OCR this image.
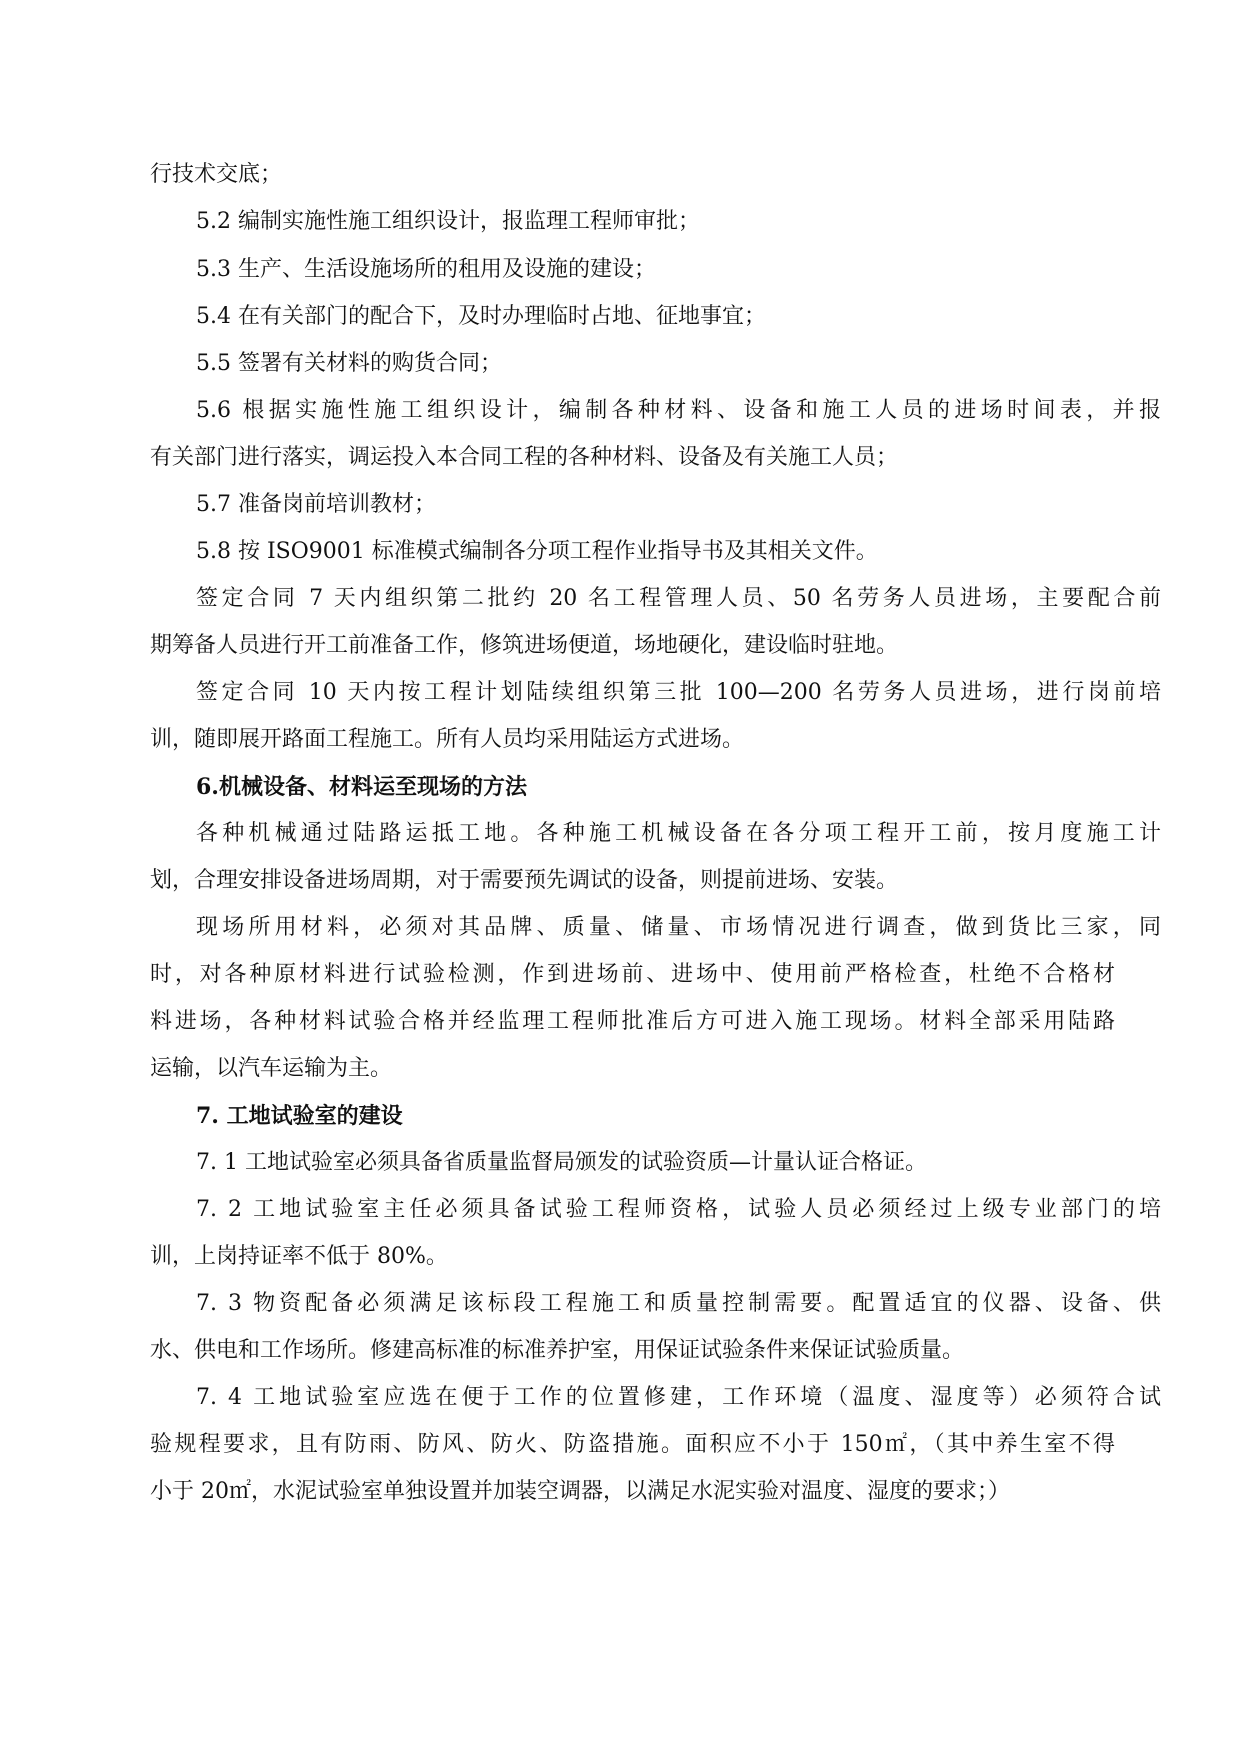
行技术交底；
5.2 编制实施性施工组织设计，报监理工程师审批；
5.3 生产、生活设施场所的租用及设施的建设；
5.4 在有关部门的配合下，及时办理临时占地、征地事宜；
5.5 签署有关材料的购货合同；
5.6 根据实施性施工组织设计，编制各种材料、设备和施工人员的进场时间表，并报
有关部门进行落实，调运投入本合同工程的各种材料、设备及有关施工人员；
5.7 准备岗前培训教材；
5.8 按 ISO9001 标准模式编制各分项工程作业指导书及其相关文件。
签定合同 7 天内组织第二批约 20 名工程管理人员、50 名劳务人员进场，主要配合前
期筹备人员进行开工前准备工作，修筑进场便道，场地硬化，建设临时驻地。
签定合同 10 天内按工程计划陆续组织第三批 100—200 名劳务人员进场，进行岗前培
训，随即展开路面工程施工。所有人员均采用陆运方式进场。
6.机械设备、材料运至现场的方法
各种机械通过陆路运抵工地。各种施工机械设备在各分项工程开工前，按月度施工计
划，合理安排设备进场周期，对于需要预先调试的设备，则提前进场、安装。
现场所用材料，必须对其品牌、质量、储量、市场情况进行调查，做到货比三家，同
时，对各种原材料进行试验检测，作到进场前、进场中、使用前严格检查，杜绝不合格材
料进场，各种材料试验合格并经监理工程师批准后方可进入施工现场。材料全部采用陆路
运输，以汽车运输为主。
7. 工地试验室的建设
7. 1 工地试验室必须具备省质量监督局颁发的试验资质—计量认证合格证。
7. 2 工地试验室主任必须具备试验工程师资格，试验人员必须经过上级专业部门的培
训，上岗持证率不低于 80%。
7. 3 物资配备必须满足该标段工程施工和质量控制需要。配置适宜的仪器、设备、供
水、供电和工作场所。修建高标准的标准养护室，用保证试验条件来保证试验质量。
7. 4 工地试验室应选在便于工作的位置修建，工作环境（温度、湿度等）必须符合试
验规程要求，且有防雨、防风、防火、防盗措施。面积应不小于 150㎡，（其中养生室不得
小于 20㎡，水泥试验室单独设置并加装空调器，以满足水泥实验对温度、湿度的要求；）
